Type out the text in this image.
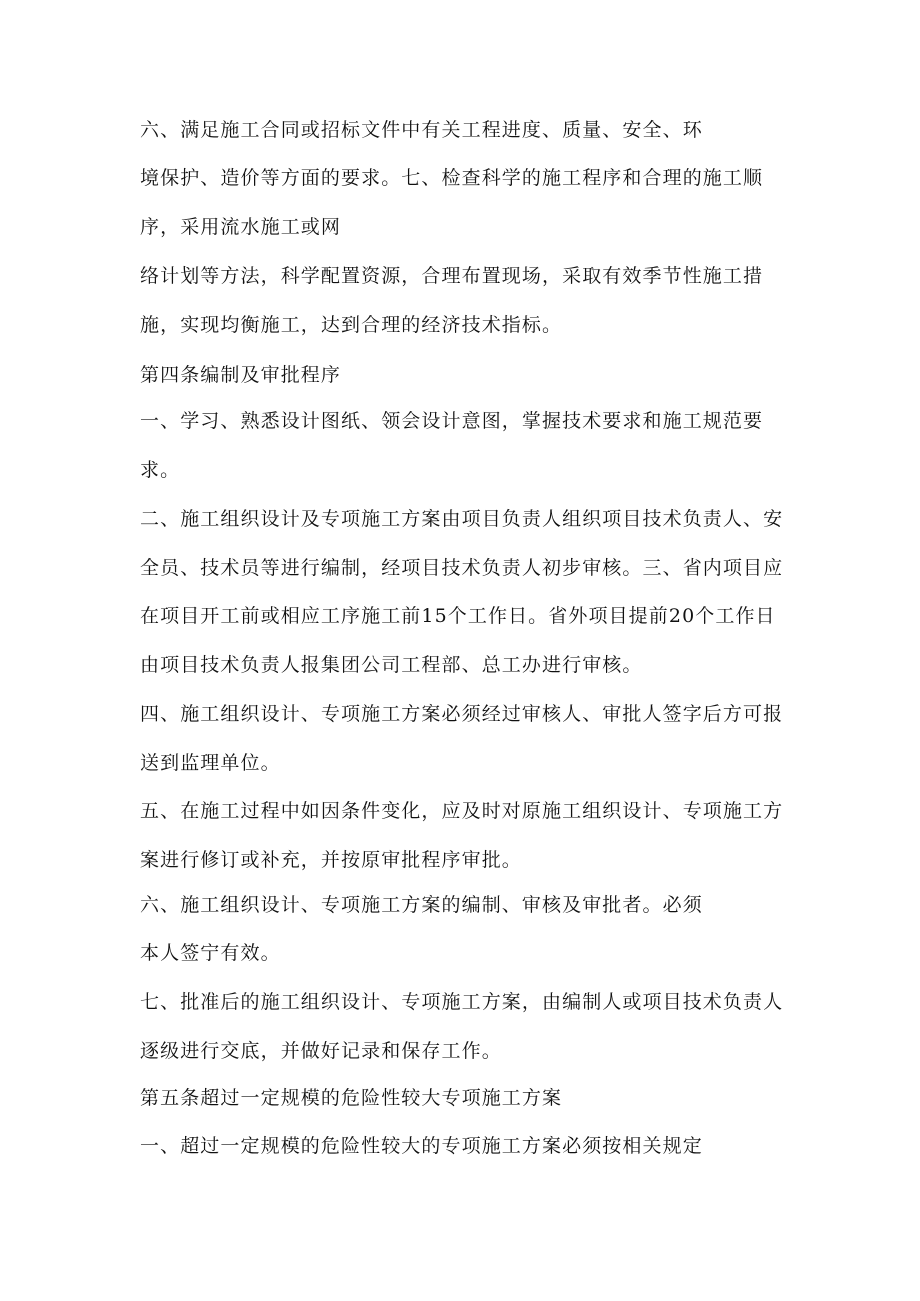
六、满足施工合同或招标文件中有关工程进度、质量、安全、环

境保护、造价等方面的要求。七、检查科学的施工程序和合理的施工顺

序，采用流水施工或网

络计划等方法，科学配置资源，合理布置现场，采取有效季节性施工措

施，实现均衡施工，达到合理的经济技术指标。

第四条编制及审批程序

一、学习、熟悉设计图纸、领会设计意图，掌握技术要求和施工规范要

求。

二、施工组织设计及专项施工方案由项目负责人组织项目技术负责人、安

全员、技术员等进行编制，经项目技术负责人初步审核。三、省内项目应

在项目开工前或相应工序施工前15个工作日。省外项目提前20个工作日

由项目技术负责人报集团公司工程部、总工办进行审核。

四、施工组织设计、专项施工方案必须经过审核人、审批人签字后方可报

送到监理单位。

五、在施工过程中如因条件变化，应及时对原施工组织设计、专项施工方

案进行修订或补充，并按原审批程序审批。

六、施工组织设计、专项施工方案的编制、审核及审批者。必须

本人签宁有效。

七、批准后的施工组织设计、专项施工方案，由编制人或项目技术负责人

逐级进行交底，并做好记录和保存工作。

第五条超过一定规模的危险性较大专项施工方案

一、超过一定规模的危险性较大的专项施工方案必须按相关规定
